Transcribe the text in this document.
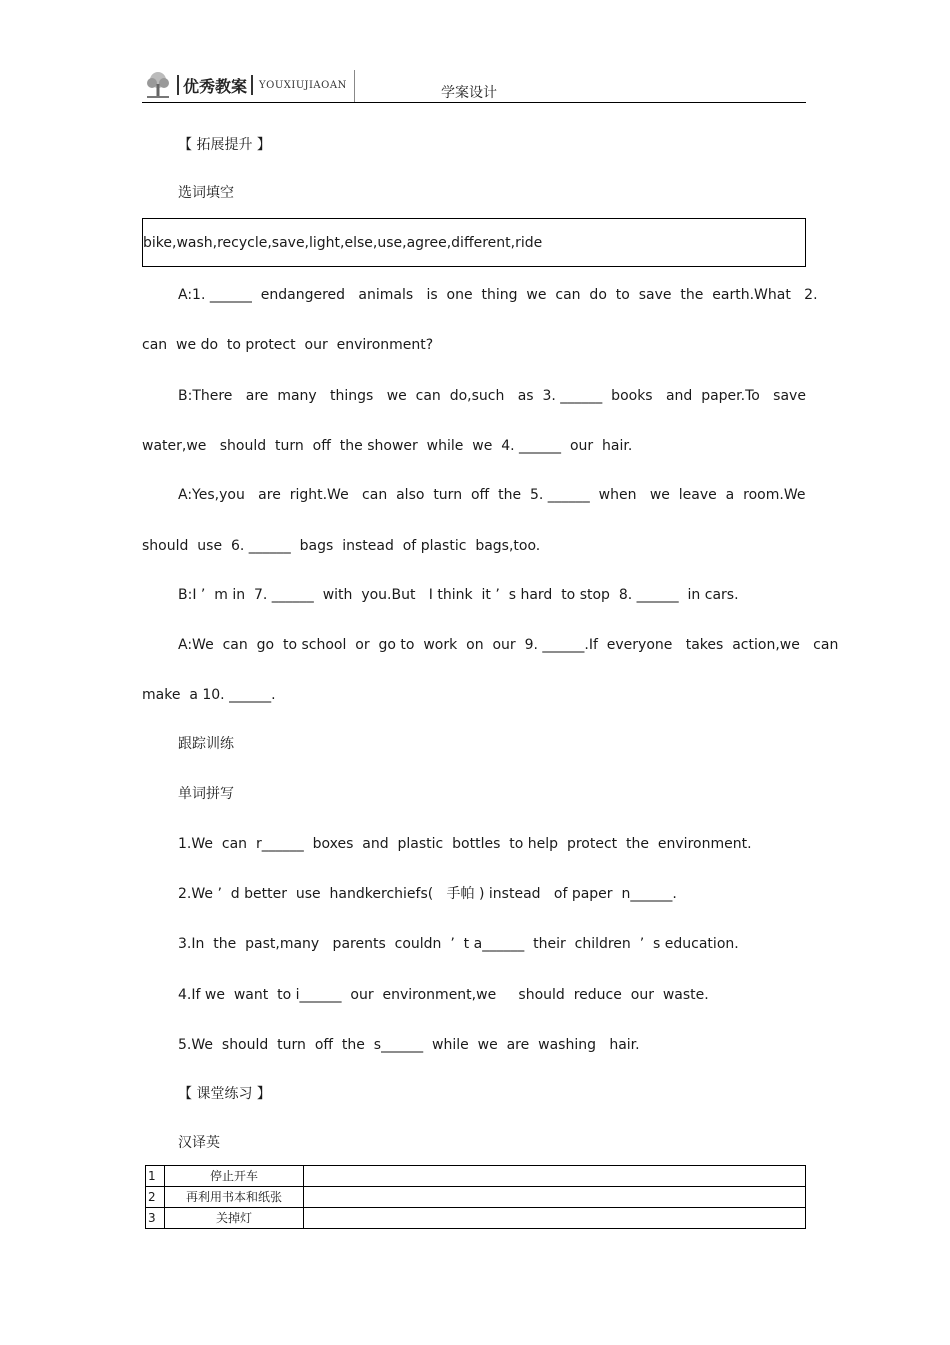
优秀教案 YOUXIUJIAOAN	学案设计
【 拓展提升 】
选词填空
bike,wash,recycle,save,light,else,use,agree,different,ride
A:1. ______  endangered   animals   is  one  thing  we  can  do  to  save  the  earth.What   2.
can  we do  to protect  our  environment?
B:There   are  many   things   we  can  do,such   as  3. ______  books   and  paper.To   save
water,we   should  turn  off  the shower  while  we  4. ______  our  hair.
A:Yes,you   are  right.We   can  also  turn  off  the  5. ______  when   we  leave  a  room.We
should  use  6. ______  bags  instead  of plastic  bags,too.
B:I ’  m in  7. ______  with  you.But   I think  it ’  s hard  to stop  8. ______  in cars.
A:We  can  go  to school  or  go to  work  on  our  9. ______.If  everyone   takes  action,we   can
make  a 10. ______.
跟踪训练
单词拼写
1.We  can  r______  boxes  and  plastic  bottles  to help  protect  the  environment.
2.We ’  d better  use  handkerchiefs(   手帕 ) instead   of paper  n______.
3.In  the  past,many   parents  couldn  ’  t a______  their  children  ’  s education.
4.If we  want  to i______  our  environment,we     should  reduce  our  waste.
5.We  should  turn  off  the  s______  while  we  are  washing   hair.
【 课堂练习 】
汉译英
1	停止开车	
2	再利用书本和纸张	
3	关掉灯	
